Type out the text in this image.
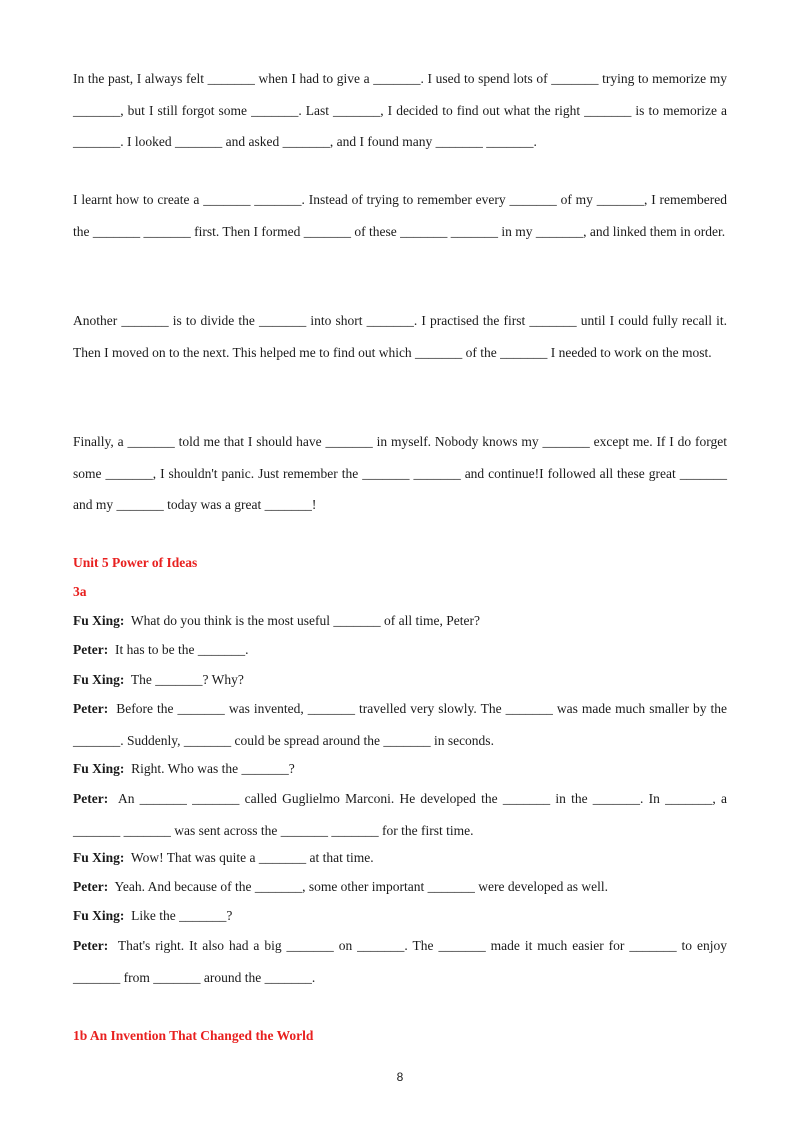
In the past, I always felt _______ when I had to give a _______. I used to spend lots of _______ trying to memorize my _______, but I still forgot some _______. Last _______, I decided to find out what the right _______ is to memorize a _______. I looked _______ and asked _______, and I found many _______ _______.

I learnt how to create a _______ _______. Instead of trying to remember every _______ of my _______, I remembered the _______ _______ first. Then I formed _______ of these _______ _______ in my _______, and linked them in order.

Another _______ is to divide the _______ into short _______. I practised the first _______ until I could fully recall it. Then I moved on to the next. This helped me to find out which _______ of the _______ I needed to work on the most.

Finally, a _______ told me that I should have _______ in myself. Nobody knows my _______ except me. If I do forget some _______, I shouldn't panic. Just remember the _______ _______ and continue!I followed all these great _______ and my _______ today was a great _______!

Unit 5 Power of Ideas

3a

Fu Xing: What do you think is the most useful _______ of all time, Peter?

Peter: It has to be the _______.

Fu Xing: The _______? Why?

Peter: Before the _______ was invented, _______ travelled very slowly. The _______ was made much smaller by the _______. Suddenly, _______ could be spread around the _______ in seconds.

Fu Xing: Right. Who was the _______?

Peter: An _______ _______ called Guglielmo Marconi. He developed the _______ in the _______. In _______, a _______ _______ was sent across the _______ _______ for the first time.

Fu Xing: Wow! That was quite a _______ at that time.

Peter: Yeah. And because of the _______, some other important _______ were developed as well.

Fu Xing: Like the _______?

Peter: That's right. It also had a big _______ on _______. The _______ made it much easier for _______ to enjoy _______ from _______ around the _______.

1b An Invention That Changed the World

8
